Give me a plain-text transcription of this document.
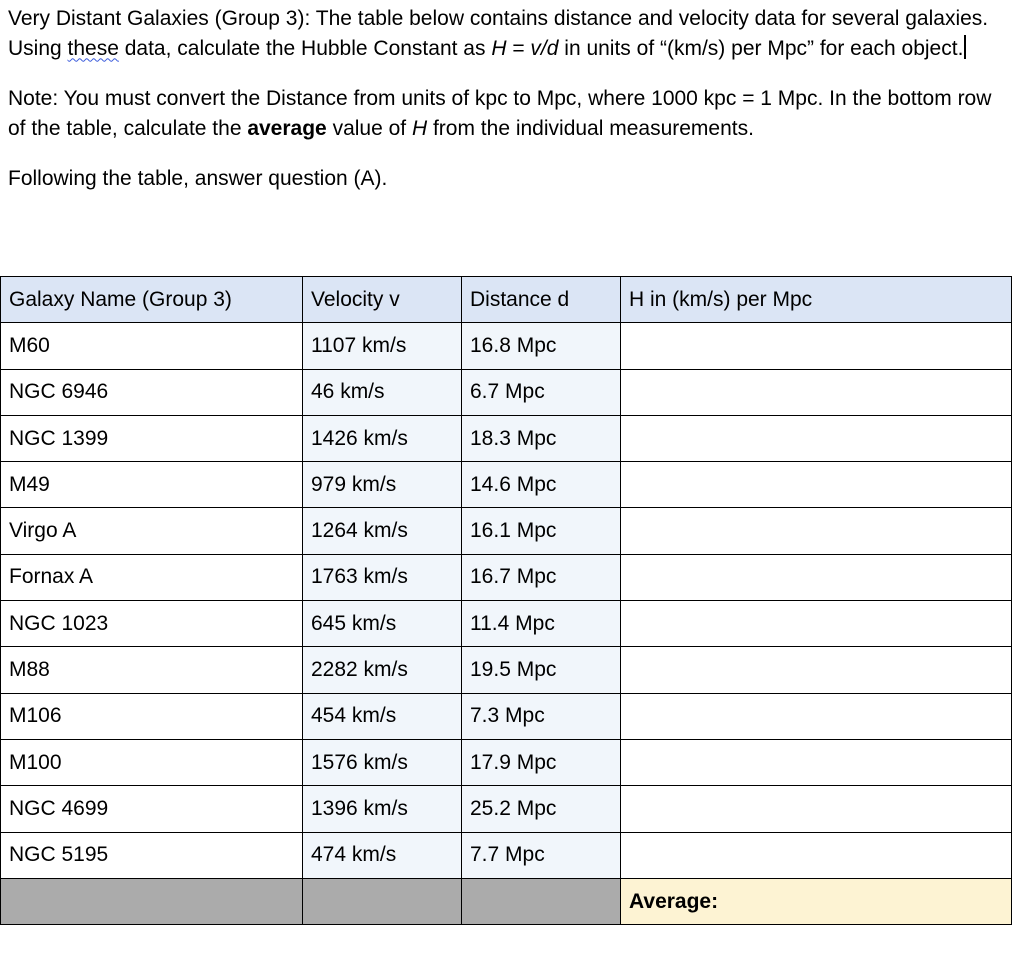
Very Distant Galaxies (Group 3): The table below contains distance and velocity data for several galaxies. Using these data, calculate the Hubble Constant as H = v/d in units of “(km/s) per Mpc” for each object.

Note: You must convert the Distance from units of kpc to Mpc, where 1000 kpc = 1 Mpc. In the bottom row of the table, calculate the average value of H from the individual measurements.

Following the table, answer question (A).

Galaxy Name (Group 3)	Velocity v	Distance d	H in (km/s) per Mpc
M60	1107 km/s	16.8 Mpc	
NGC 6946	46 km/s	6.7 Mpc	
NGC 1399	1426 km/s	18.3 Mpc	
M49	979 km/s	14.6 Mpc	
Virgo A	1264 km/s	16.1 Mpc	
Fornax A	1763 km/s	16.7 Mpc	
NGC 1023	645 km/s	11.4 Mpc	
M88	2282 km/s	19.5 Mpc	
M106	454 km/s	7.3 Mpc	
M100	1576 km/s	17.9 Mpc	
NGC 4699	1396 km/s	25.2 Mpc	
NGC 5195	474 km/s	7.7 Mpc	
			Average:
